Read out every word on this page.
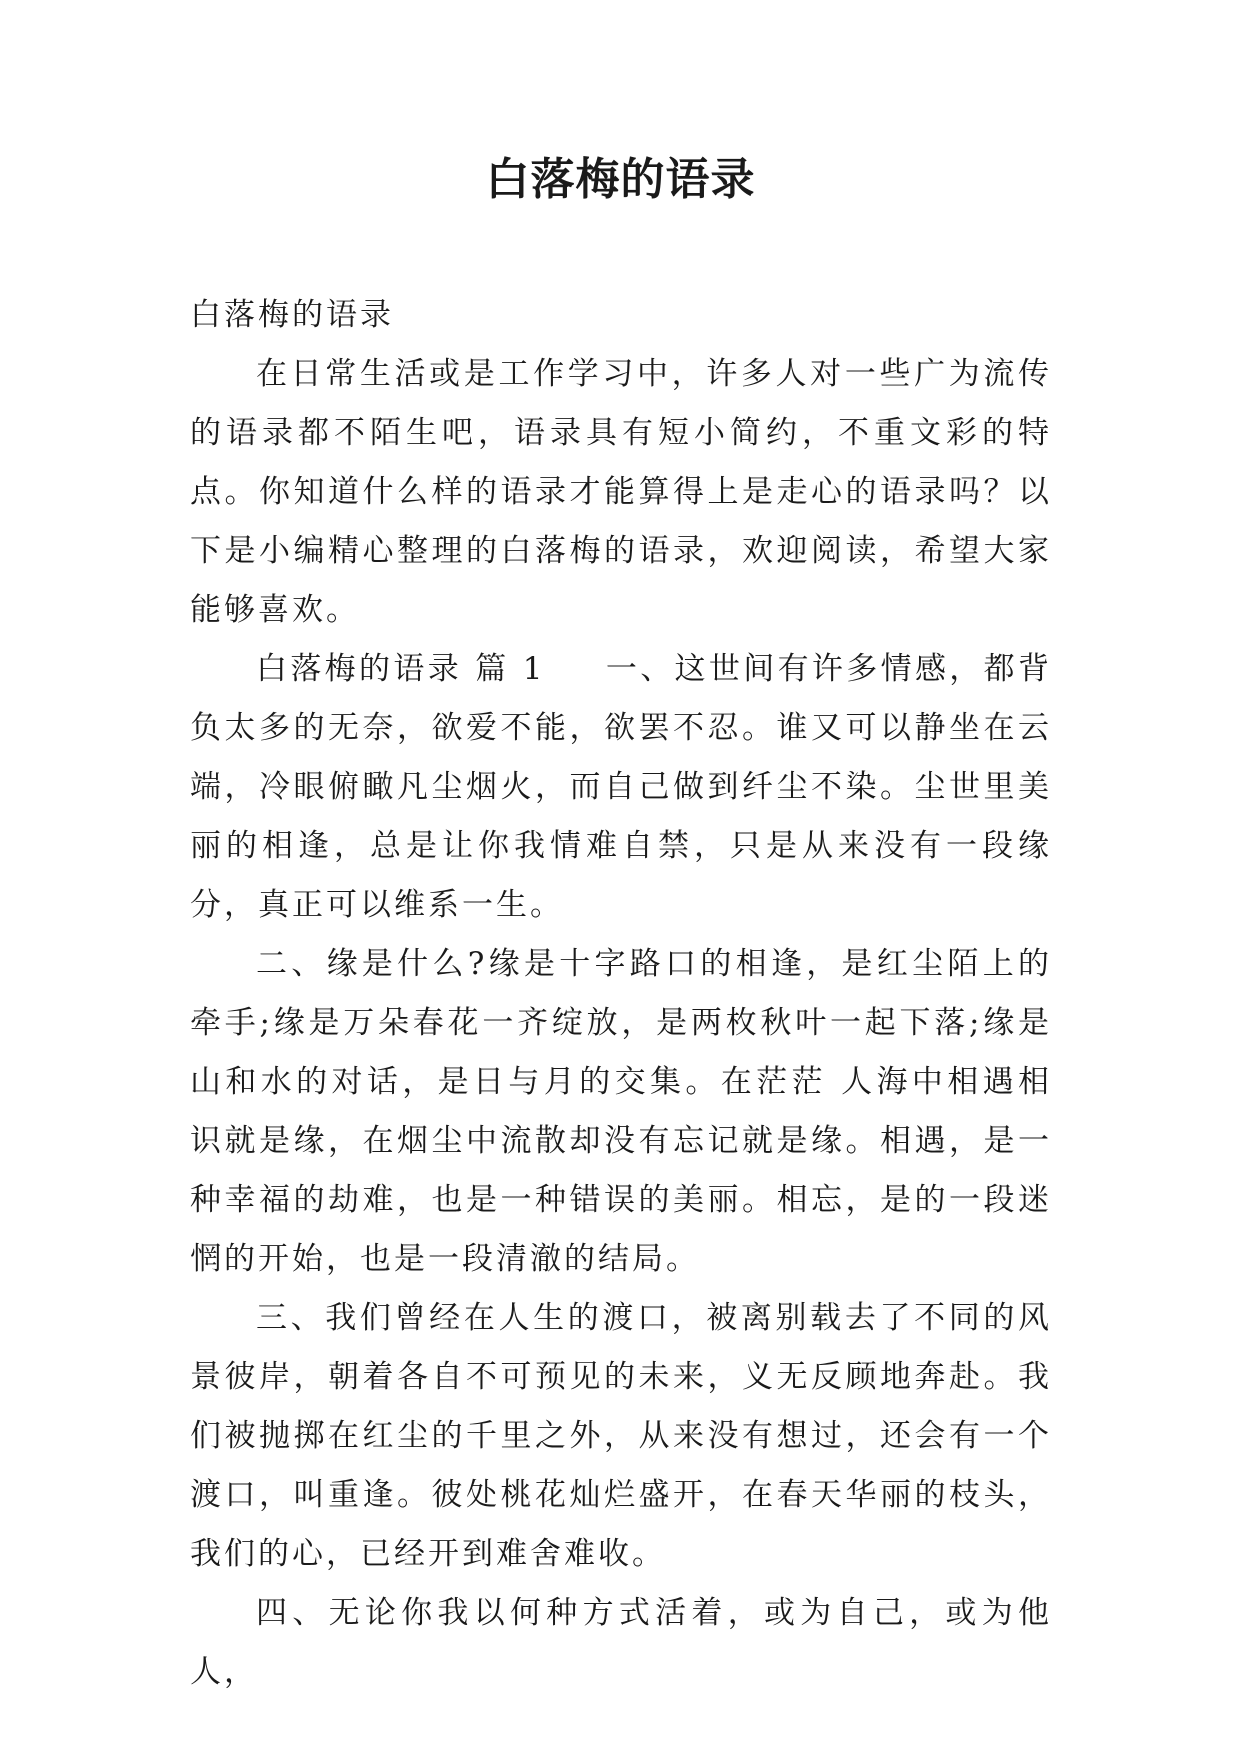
白落梅的语录

白落梅的语录

在日常生活或是工作学习中，许多人对一些广为流传的语录都不陌生吧，语录具有短小简约，不重文彩的特点。你知道什么样的语录才能算得上是走心的语录吗？以下是小编精心整理的白落梅的语录，欢迎阅读，希望大家能够喜欢。

白落梅的语录 篇 1 一、这世间有许多情感，都背负太多的无奈，欲爱不能，欲罢不忍。谁又可以静坐在云端，冷眼俯瞰凡尘烟火，而自己做到纤尘不染。尘世里美丽的相逢，总是让你我情难自禁，只是从来没有一段缘分，真正可以维系一生。

二、缘是什么?缘是十字路口的相逢，是红尘陌上的牵手;缘是万朵春花一齐绽放，是两枚秋叶一起下落;缘是山和水的对话，是日与月的交集。在茫茫 人海中相遇相识就是缘，在烟尘中流散却没有忘记就是缘。相遇，是一种幸福的劫难，也是一种错误的美丽。相忘，是的一段迷惘的开始，也是一段清澈的结局。

三、我们曾经在人生的渡口，被离别载去了不同的风景彼岸，朝着各自不可预见的未来，义无反顾地奔赴。我们被抛掷在红尘的千里之外，从来没有想过，还会有一个渡口，叫重逢。彼处桃花灿烂盛开，在春天华丽的枝头，我们的心，已经开到难舍难收。

四、无论你我以何种方式活着，或为自己，或为他人，
